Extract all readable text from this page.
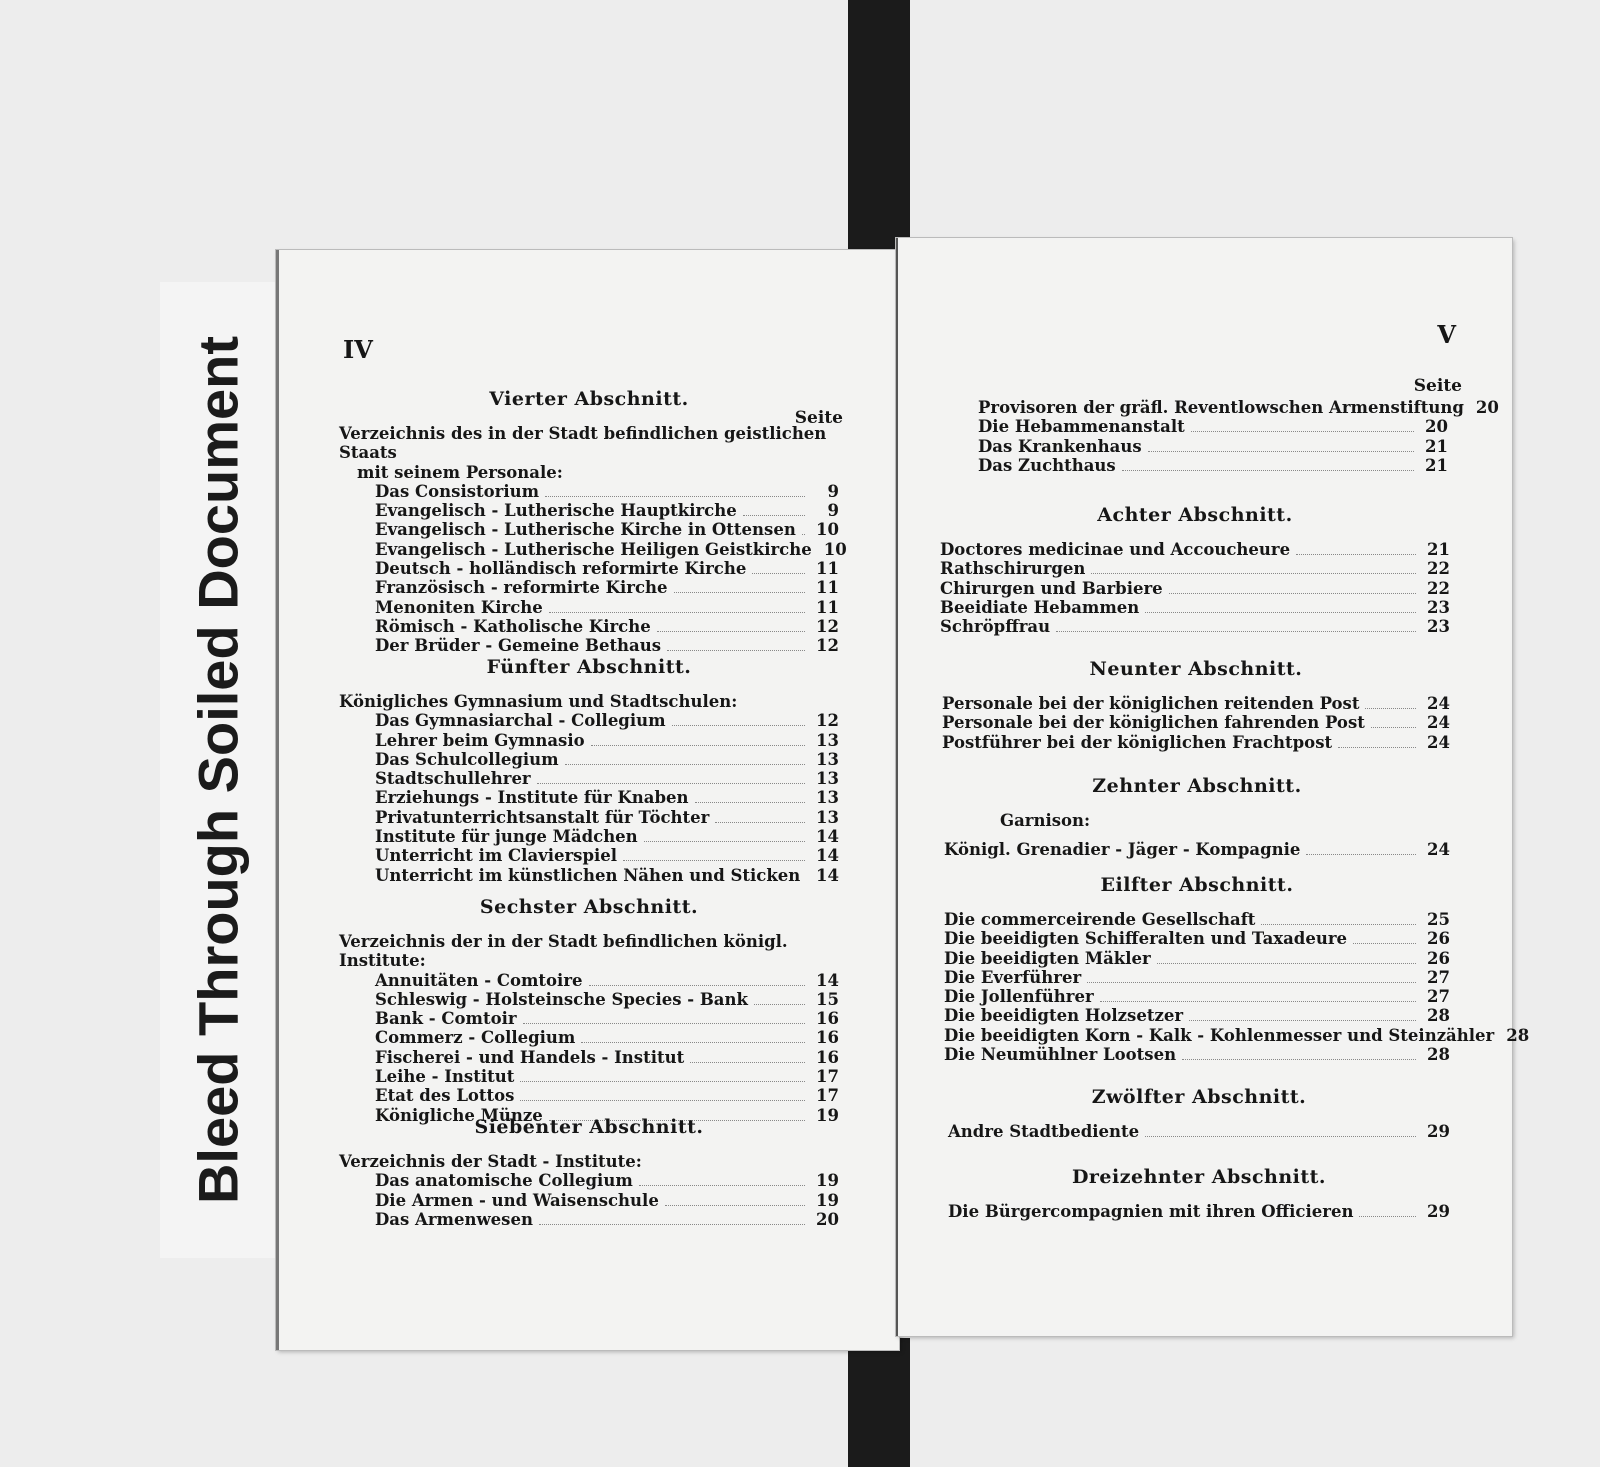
Bleed Through Soiled Document	IV
Seite
Vierter Abschnitt.
Verzeichnis des in der Stadt befindlichen geistlichen Staats
mit seinem Personale:
Das Consistorium	9
Evangelisch - Lutherische Hauptkirche	9
Evangelisch - Lutherische Kirche in Ottensen	10
Evangelisch - Lutherische Heiligen Geistkirche 10
Deutsch - holländisch reformirte Kirche	11
Französisch - reformirte Kirche	11
Menoniten Kirche	11
Römisch - Katholische Kirche	12
Der Brüder - Gemeine Bethaus	12
Fünfter Abschnitt.
Königliches Gymnasium und Stadtschulen:
Das Gymnasiarchal - Collegium	12
Lehrer beim Gymnasio	13
Das Schulcollegium	13
Stadtschullehrer	13
Erziehungs - Institute für Knaben	13
Privatunterrichtsanstalt für Töchter	13
Institute für junge Mädchen	14
Unterricht im Clavierspiel	14
Unterricht im künstlichen Nähen und Sticken 14
Sechster Abschnitt.
Verzeichnis der in der Stadt befindlichen königl. Institute:
Annuitäten - Comtoire	14
Schleswig - Holsteinsche Species - Bank	15
Bank - Comtoir	16
Commerz - Collegium	16
Fischerei - und Handels - Institut	16
Leihe - Institut	17
Etat des Lottos	17
Königliche Münze	19
Siebenter Abschnitt.
Verzeichnis der Stadt - Institute:
Das anatomische Collegium	19
Die Armen - und Waisenschule	19
Das Armenwesen	20
V
Seite
Provisoren der gräfl. Reventlowschen Armenstiftung 20
Die Hebammenanstalt	20
Das Krankenhaus	21
Das Zuchthaus	21
Achter Abschnitt.
Doctores medicinae und Accoucheure	21
Rathschirurgen	22
Chirurgen und Barbiere	22
Beeidiate Hebammen	23
Schröpffrau	23
Neunter Abschnitt.
Personale bei der königlichen reitenden Post	24
Personale bei der königlichen fahrenden Post	24
Postführer bei der königlichen Frachtpost	24
Zehnter Abschnitt.
Garnison:
Königl. Grenadier - Jäger - Kompagnie	24
Eilfter Abschnitt.
Die commerceirende Gesellschaft	25
Die beeidigten Schifferalten und Taxadeure	26
Die beeidigten Mäkler	26
Die Everführer	27
Die Jollenführer	27
Die beeidigten Holzsetzer	28
Die beeidigten Korn - Kalk - Kohlenmesser und Steinzähler 28
Die Neumühlner Lootsen	28
Zwölfter Abschnitt.
Andre Stadtbediente	29
Dreizehnter Abschnitt.
Die Bürgercompagnien mit ihren Officieren	29
